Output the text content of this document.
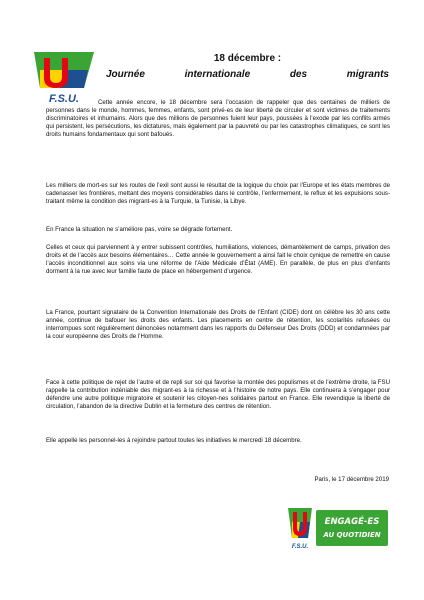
F.S.U.
18 décembre :
Journée	internationale	des	migrants

Cette année encore, le 18 décembre sera l’occasion de rappeler que des centaines de milliers de personnes dans le monde, hommes, femmes, enfants, sont privé-es de leur liberté de circuler et sont victimes de traitements discriminatoires et inhumains. Alors que des millions de personnes fuient leur pays, poussées à l’exode par les conflits armés qui persistent, les persécutions, les dictatures, mais également par la pauvreté ou par les catastrophes climatiques, ce sont les droits humains fondamentaux qui sont bafoués.

Les milliers de mort-es sur les routes de l’exil sont aussi le résultat de la logique du choix par l’Europe et les états membres de cadenasser les frontières, mettant des moyens considérables dans le contrôle, l’enfermement, le reflux et les expulsions sous-traitant même la condition des migrant-es à la Turquie, la Tunisie, la Libye.

En France la situation ne s’améliore pas, voire se dégrade fortement.

Celles et ceux qui parviennent à y entrer subissent contrôles, humiliations, violences, démantèlement de camps, privation des droits et de l’accès aux besoins élémentaires… Cette année le gouvernement a ainsi fait le choix cynique de remettre en cause l’accès inconditionnel aux soins via une réforme de l’Aide Médicale d’État (AME). En parallèle, de plus en plus d’enfants dorment à la rue avec leur famille faute de place en hébergement d’urgence.

La France, pourtant signataire de la Convention Internationale des Droits de l’Enfant (CIDE) dont on célèbre les 30 ans cette année, continue de bafouer les droits des enfants. Les placements en centre de rétention, les scolarités refusées ou interrompues sont régulièrement dénoncées notamment dans les rapports du Défenseur Des Droits (DDD) et condamnées par la cour européenne des Droits de l’Homme.

Face à cette politique de rejet de l’autre et de repli sur soi qui favorise la montée des populismes et de l’extrême droite, la FSU rappelle la contribution indéniable des migrant-es à la richesse et à l’histoire de notre pays. Elle continuera à s’engager pour défendre une autre politique migratoire et soutenir les citoyen-nes solidaires partout en France. Elle revendique la liberté de circulation, l’abandon de la directive Dublin et la fermeture des centres de rétention.

Elle appelle les personnel-les à rejoindre partout toutes les initiatives le mercredi 18 décembre.

Paris, le 17 décembre 2019
F.S.U.
ENGAGÉ-ES
AU QUOTIDIEN
